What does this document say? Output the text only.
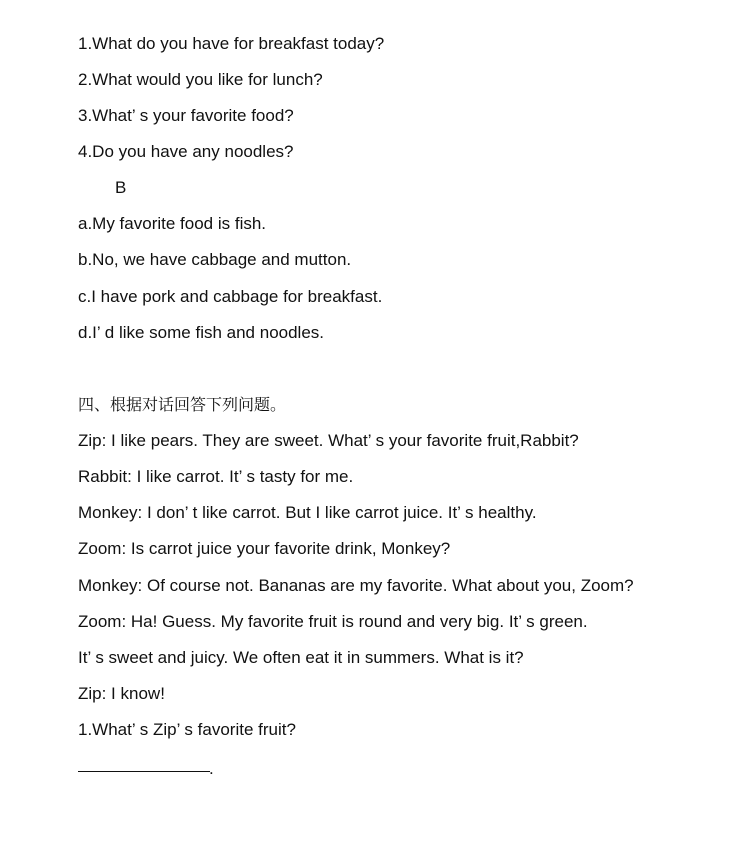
1.What do you have for breakfast today?
2.What would you like for lunch?
3.What’ s your favorite food?
4.Do you have any noodles?
B
a.My favorite food is fish.
b.No, we have cabbage and mutton.
c.I have pork and cabbage for breakfast.
d.I’ d like some fish and noodles.
四、根据对话回答下列问题。
Zip: I like pears. They are sweet. What’ s your favorite fruit,Rabbit?
Rabbit: I like carrot. It’ s tasty for me.
Monkey: I don’ t like carrot. But I like carrot juice. It’ s healthy.
Zoom: Is carrot juice your favorite drink, Monkey?
Monkey: Of course not. Bananas are my favorite. What about you, Zoom?
Zoom: Ha! Guess. My favorite fruit is round and very big. It’ s green.
It’ s sweet and juicy. We often eat it in summers. What is it?
Zip: I know!
1.What’ s Zip’ s favorite fruit?
.
